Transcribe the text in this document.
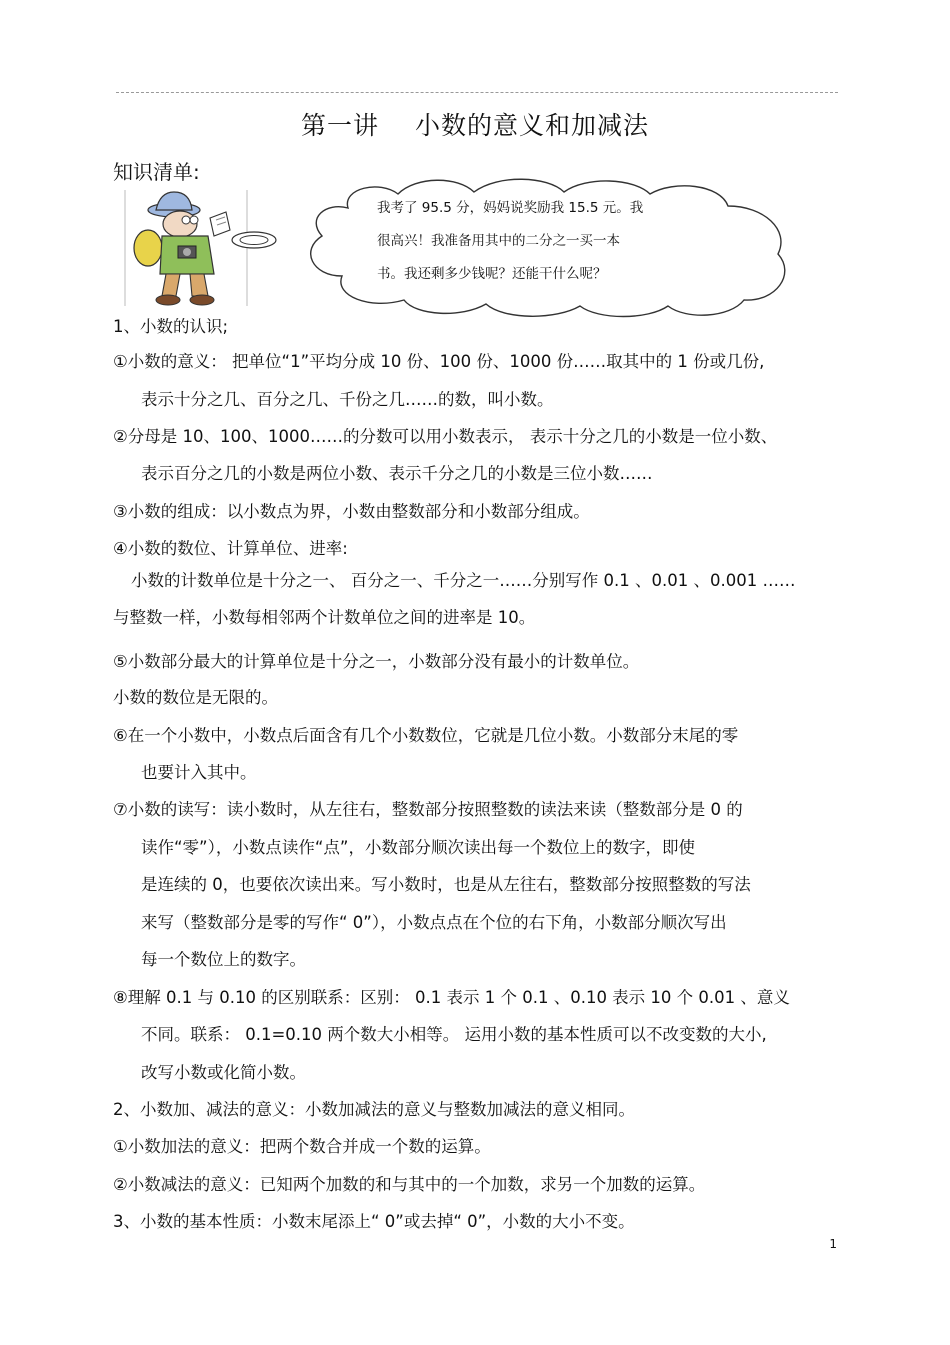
第一讲 小数的意义和加减法
知识清单:
我考了 95.5 分，妈妈说奖励我 15.5 元。我
很高兴！我准备用其中的二分之一买一本
书。我还剩多少钱呢？还能干什么呢？
1、小数的认识;
①小数的意义： 把单位“1”平均分成 10 份、100 份、1000 份……取其中的 1 份或几份,
表示十分之几、百分之几、千份之几……的数，叫小数。
②分母是 10、100、1000……的分数可以用小数表示， 表示十分之几的小数是一位小数、
表示百分之几的小数是两位小数、表示千分之几的小数是三位小数……
③小数的组成：以小数点为界，小数由整数部分和小数部分组成。
④小数的数位、计算单位、进率:
小数的计数单位是十分之一、 百分之一、千分之一……分别写作 0.1 、0.01 、0.001 ……
与整数一样，小数每相邻两个计数单位之间的进率是 10。
⑤小数部分最大的计算单位是十分之一，小数部分没有最小的计数单位。
小数的数位是无限的。
⑥在一个小数中，小数点后面含有几个小数数位，它就是几位小数。小数部分末尾的零
也要计入其中。
⑦小数的读写：读小数时，从左往右，整数部分按照整数的读法来读（整数部分是 0 的
读作“零”），小数点读作“点”，小数部分顺次读出每一个数位上的数字，即使
是连续的 0，也要依次读出来。写小数时，也是从左往右，整数部分按照整数的写法
来写（整数部分是零的写作“ 0”），小数点点在个位的右下角，小数部分顺次写出
每一个数位上的数字。
⑧理解 0.1 与 0.10 的区别联系：区别： 0.1 表示 1 个 0.1 、0.10 表示 10 个 0.01 、意义
不同。联系： 0.1=0.10 两个数大小相等。 运用小数的基本性质可以不改变数的大小,
改写小数或化简小数。
2、小数加、减法的意义：小数加减法的意义与整数加减法的意义相同。
①小数加法的意义：把两个数合并成一个数的运算。
②小数减法的意义：已知两个加数的和与其中的一个加数，求另一个加数的运算。
3、小数的基本性质：小数末尾添上“ 0”或去掉“ 0”，小数的大小不变。
1
